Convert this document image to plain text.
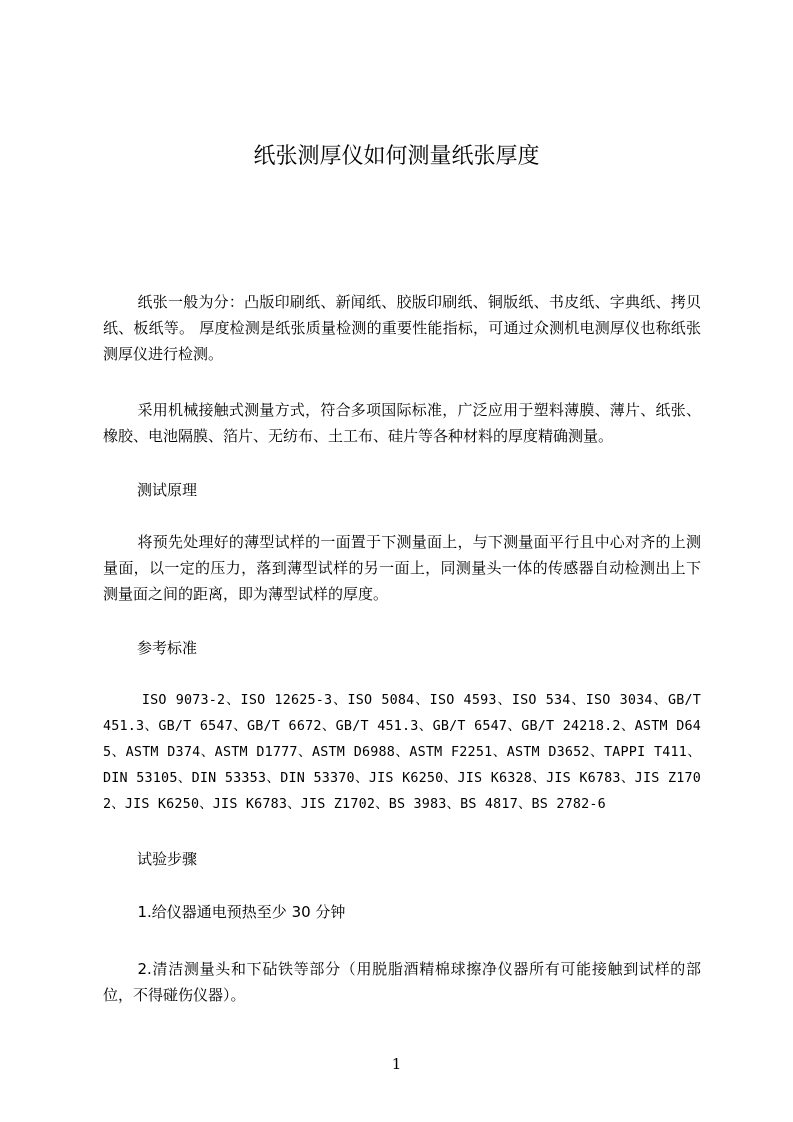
纸张测厚仪如何测量纸张厚度

纸张一般为分：凸版印刷纸、新闻纸、胶版印刷纸、铜版纸、书皮纸、字典纸、拷贝纸、板纸等。 厚度检测是纸张质量检测的重要性能指标，可通过众测机电测厚仪也称纸张测厚仪进行检测。

采用机械接触式测量方式，符合多项国际标准，广泛应用于塑料薄膜、薄片、纸张、橡胶、电池隔膜、箔片、无纺布、土工布、硅片等各种材料的厚度精确测量。

测试原理

将预先处理好的薄型试样的一面置于下测量面上，与下测量面平行且中心对齐的上测量面，以一定的压力，落到薄型试样的另一面上，同测量头一体的传感器自动检测出上下测量面之间的距离，即为薄型试样的厚度。

参考标准

ISO 9073-2、ISO 12625-3、ISO 5084、ISO 4593、ISO 534、ISO 3034、GB/T 451.3、GB/T 6547、GB/T 6672、GB/T 451.3、GB/T 6547、GB/T 24218.2、ASTM D645、ASTM D374、ASTM D1777、ASTM D6988、ASTM F2251、ASTM D3652、TAPPI T411、DIN 53105、DIN 53353、DIN 53370、JIS K6250、JIS K6328、JIS K6783、JIS Z1702、JIS K6250、JIS K6783、JIS Z1702、BS 3983、BS 4817、BS 2782-6

试验步骤

1.给仪器通电预热至少 30 分钟

2.清洁测量头和下砧铁等部分（用脱脂酒精棉球擦净仪器所有可能接触到试样的部位，不得碰伤仪器）。

1
